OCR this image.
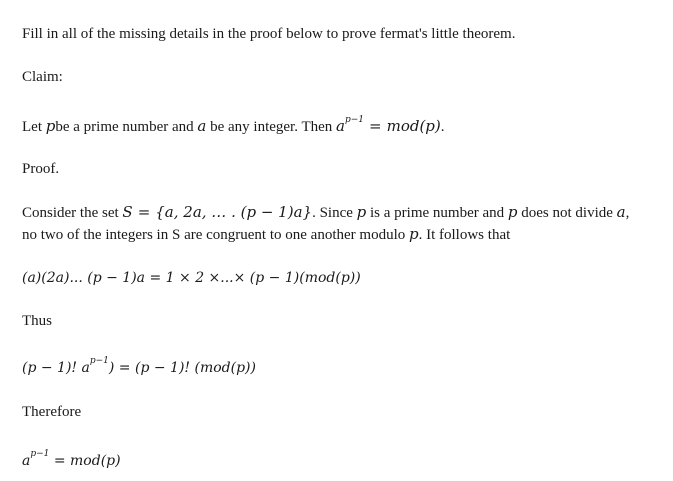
Fill in all of the missing details in the proof below to prove fermat's little theorem.
Claim:
Let pbe a prime number and a be any integer. Then $a^{p-1} = mod(p)$.
Proof.
Consider the set S = {a, 2a, … . (p − 1)a}. Since p is a prime number and p does not divide a,
no two of the integers in S are congruent to one another modulo p. It follows that
(a)(2a)... (p − 1)a = 1 × 2 ×...× (p − 1)(mod(p))
Thus
(p − 1)! $a^{p-1}) = (p - 1)$! (mod(p))
Therefore
$a^{p-1} = mod(p)$
